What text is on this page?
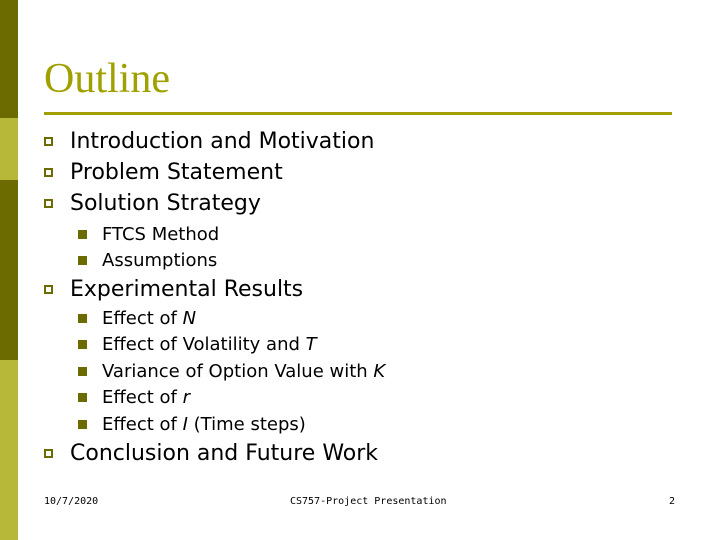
Outline
Introduction and Motivation
Problem Statement
Solution Strategy
FTCS Method
Assumptions
Experimental Results
Effect of N
Effect of Volatility and T
Variance of Option Value with K
Effect of r
Effect of I (Time steps)
Conclusion and Future Work
10/7/2020	CS757-Project Presentation	2
